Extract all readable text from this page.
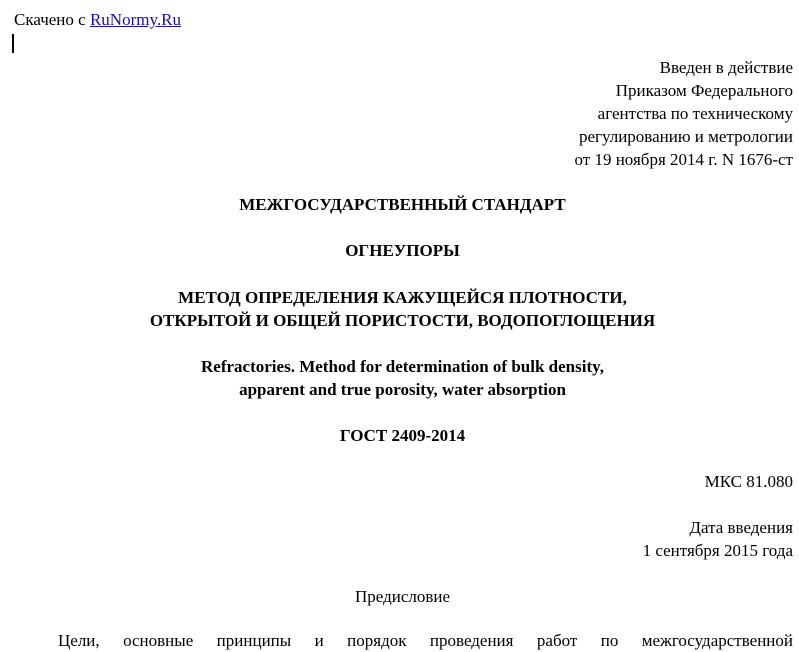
Скачено с RuNormy.Ru
Введен в действие
Приказом Федерального
агентства по техническому
регулированию и метрологии
от 19 ноября 2014 г. N 1676-ст
МЕЖГОСУДАРСТВЕННЫЙ СТАНДАРТ
ОГНЕУПОРЫ
МЕТОД ОПРЕДЕЛЕНИЯ КАЖУЩЕЙСЯ ПЛОТНОСТИ,
ОТКРЫТОЙ И ОБЩЕЙ ПОРИСТОСТИ, ВОДОПОГЛОЩЕНИЯ
Refractories. Method for determination of bulk density,
apparent and true porosity, water absorption
ГОСТ 2409-2014
МКС 81.080
Дата введения
1 сентября 2015 года
Предисловие
Цели, основные принципы и порядок проведения работ по межгосударственной
